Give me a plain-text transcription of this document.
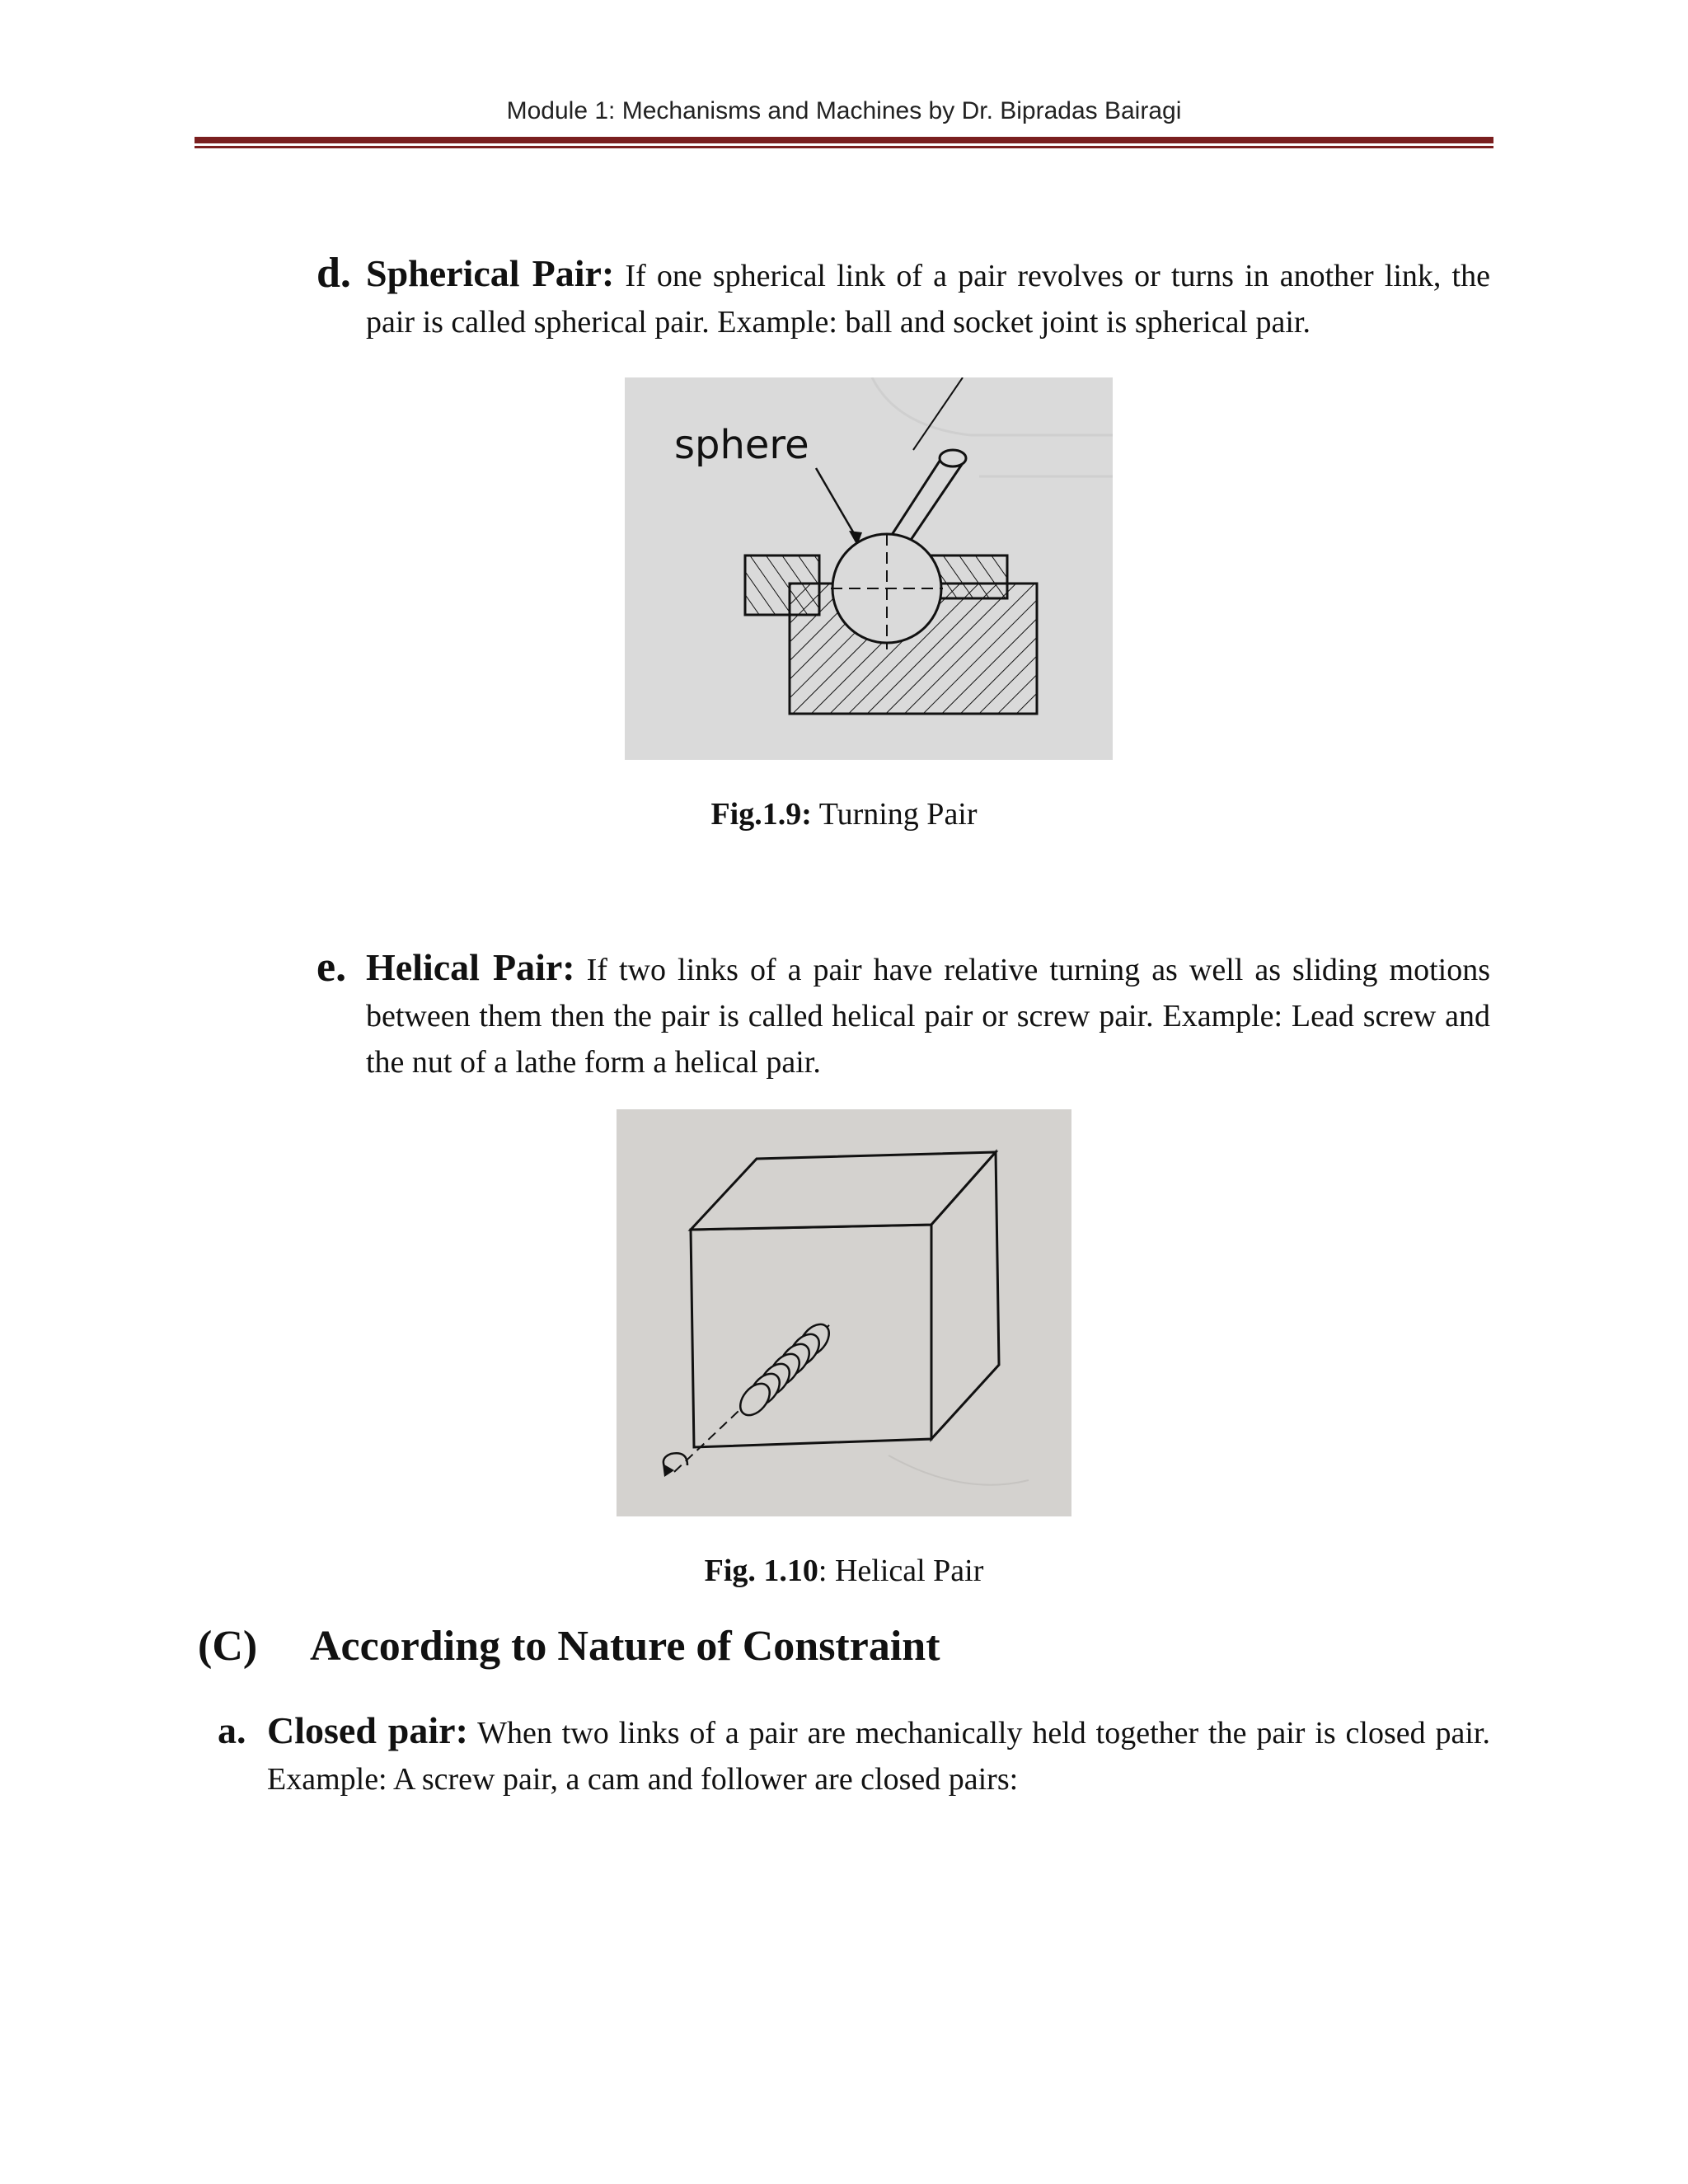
Module 1: Mechanisms and Machines by Dr. Bipradas Bairagi
d. Spherical Pair: If one spherical link of a pair revolves or turns in another link, the pair is called spherical pair. Example: ball and socket joint is spherical pair.
sphere
Fig.1.9: Turning Pair
e. Helical Pair: If two links of a pair have relative turning as well as sliding motions between them then the pair is called helical pair or screw pair. Example: Lead screw and the nut of a lathe form a helical pair.
Fig. 1.10: Helical Pair
(C) According to Nature of Constraint
a. Closed pair: When two links of a pair are mechanically held together the pair is closed pair. Example: A screw pair, a cam and follower are closed pairs:
